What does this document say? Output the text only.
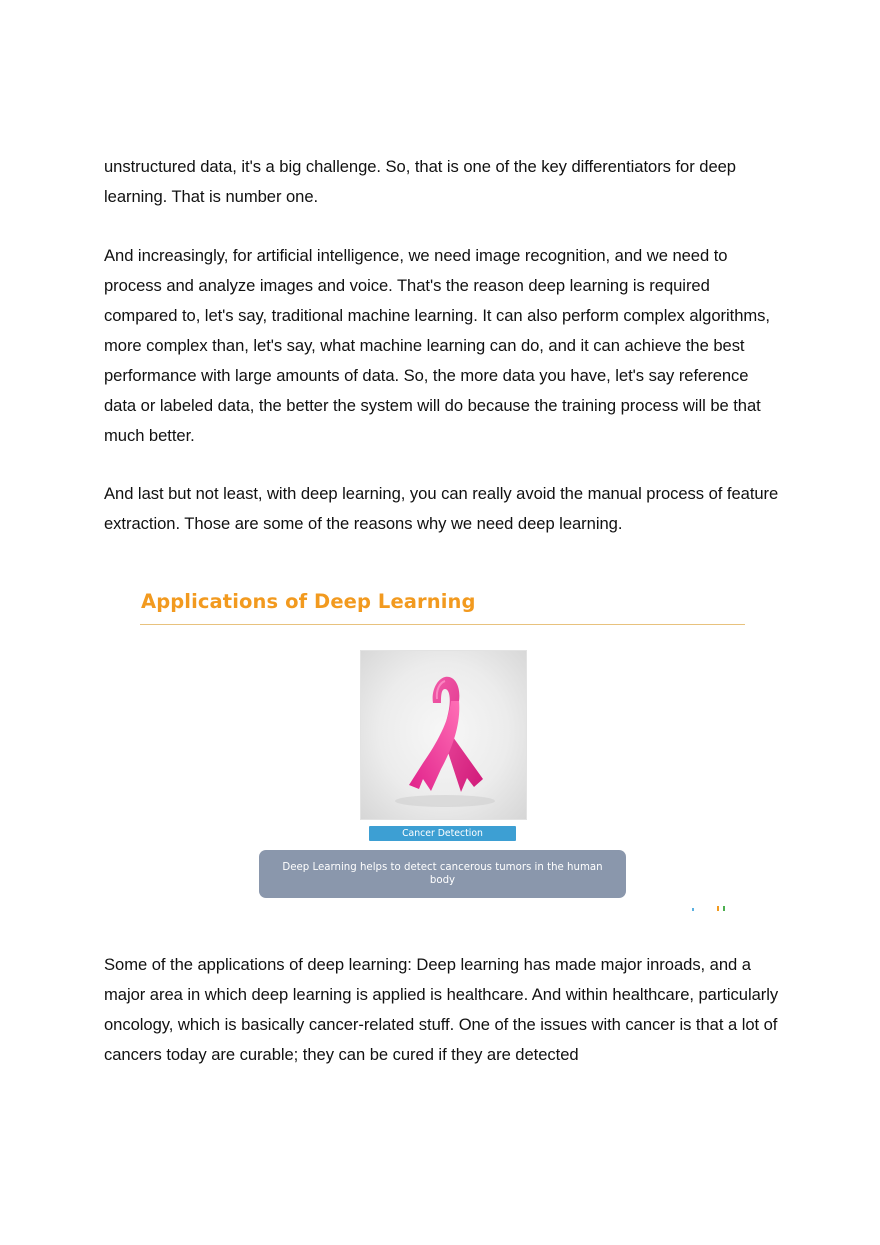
unstructured data, it's a big challenge. So, that is one of the key differentiators for deep learning. That is number one.

And increasingly, for artificial intelligence, we need image recognition, and we need to process and analyze images and voice. That's the reason deep learning is required compared to, let's say, traditional machine learning. It can also perform complex algorithms, more complex than, let's say, what machine learning can do, and it can achieve the best performance with large amounts of data. So, the more data you have, let's say reference data or labeled data, the better the system will do because the training process will be that much better.

And last but not least, with deep learning, you can really avoid the manual process of feature extraction. Those are some of the reasons why we need deep learning.

Applications of Deep Learning
Cancer Detection
Deep Learning helps to detect cancerous tumors in the human body

Some of the applications of deep learning: Deep learning has made major inroads, and a major area in which deep learning is applied is healthcare. And within healthcare, particularly oncology, which is basically cancer-related stuff. One of the issues with cancer is that a lot of cancers today are curable; they can be cured if they are detected
